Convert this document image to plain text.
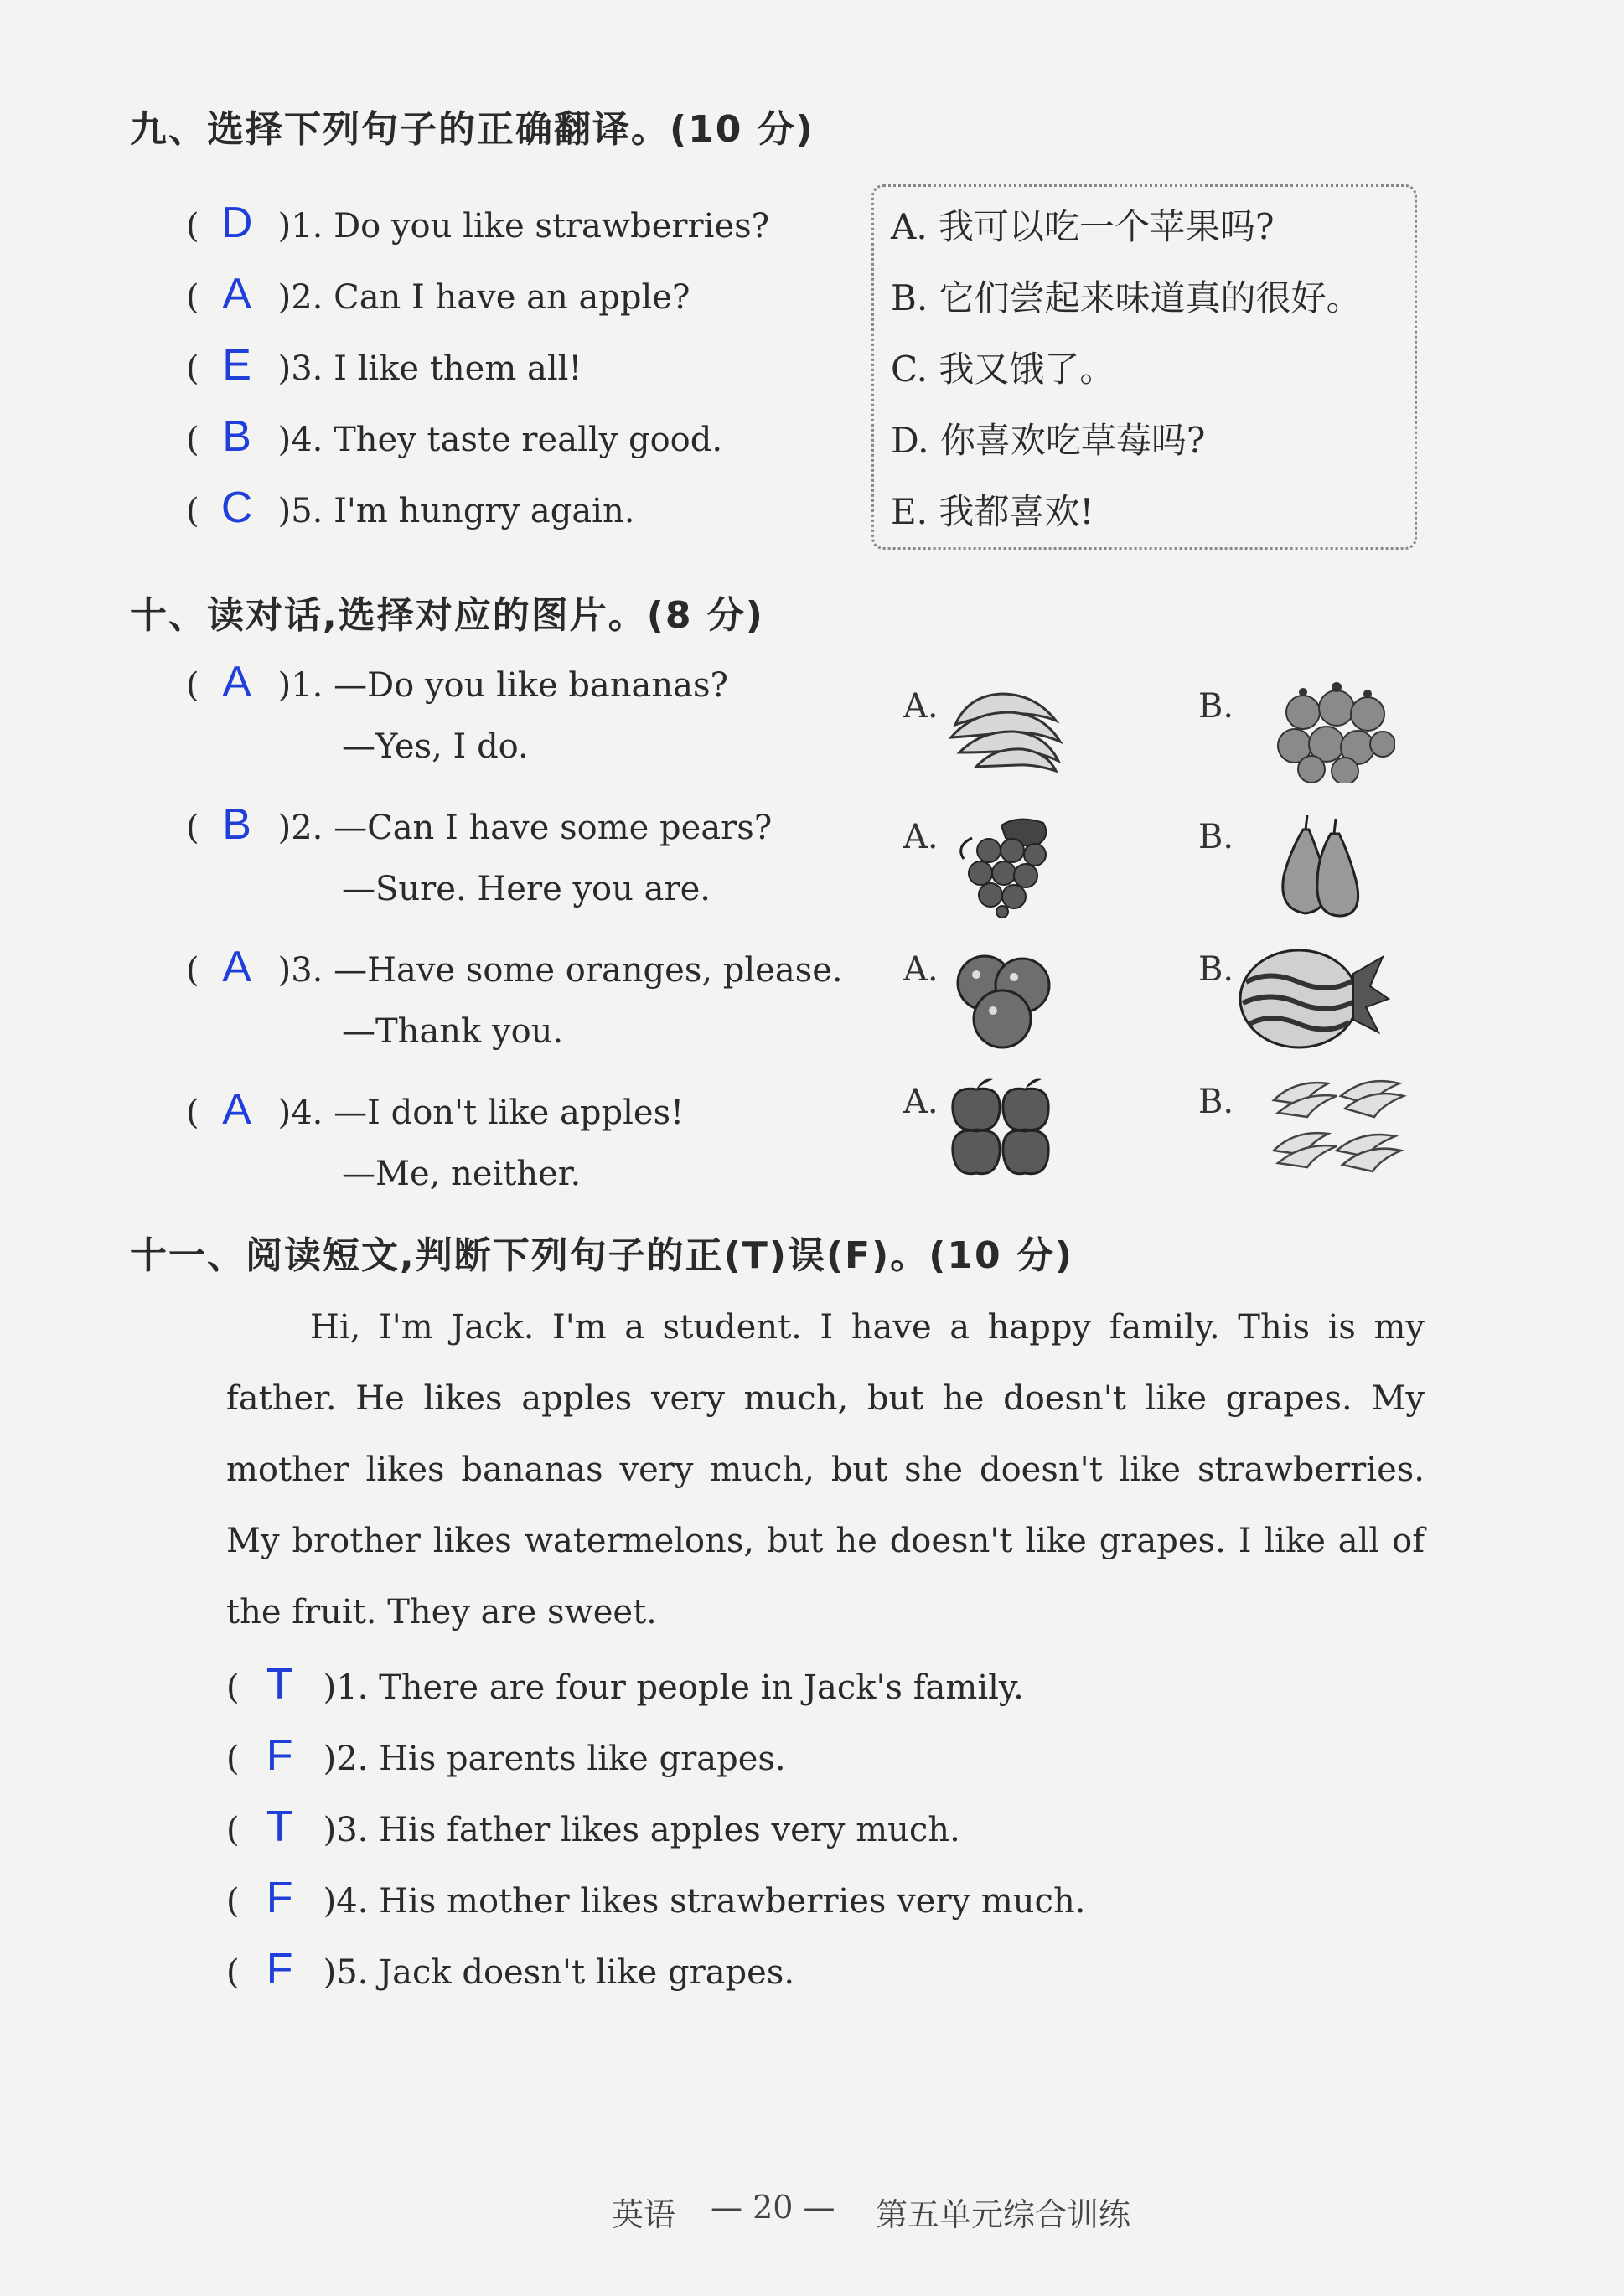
九、选择下列句子的正确翻译。(10 分)
( D )1. Do you like strawberries?
( A )2. Can I have an apple?
( E )3. I like them all!
( B )4. They taste really good.
( C )5. I'm hungry again.
A. 我可以吃一个苹果吗?
B. 它们尝起来味道真的很好。
C. 我又饿了。
D. 你喜欢吃草莓吗?
E. 我都喜欢!
十、读对话,选择对应的图片。(8 分)
( A )1. —Do you like bananas?
—Yes, I do.
( B )2. —Can I have some pears?
—Sure. Here you are.
( A )3. —Have some oranges, please.
—Thank you.
( A )4. —I don't like apples!
—Me, neither.
A.	B.
A.	B.
A.	B.
A.	B.
十一、阅读短文,判断下列句子的正(T)误(F)。(10 分)
Hi, I'm Jack. I'm a student. I have a happy family. This is my father. He likes apples very much, but he doesn't like grapes. My mother likes bananas very much, but she doesn't like strawberries. My brother likes watermelons, but he doesn't like grapes. I like all of the fruit. They are sweet.
( T )1. There are four people in Jack's family.
( F )2. His parents like grapes.
( T )3. His father likes apples very much.
( F )4. His mother likes strawberries very much.
( F )5. Jack doesn't like grapes.
英语 — 20 — 第五单元综合训练
